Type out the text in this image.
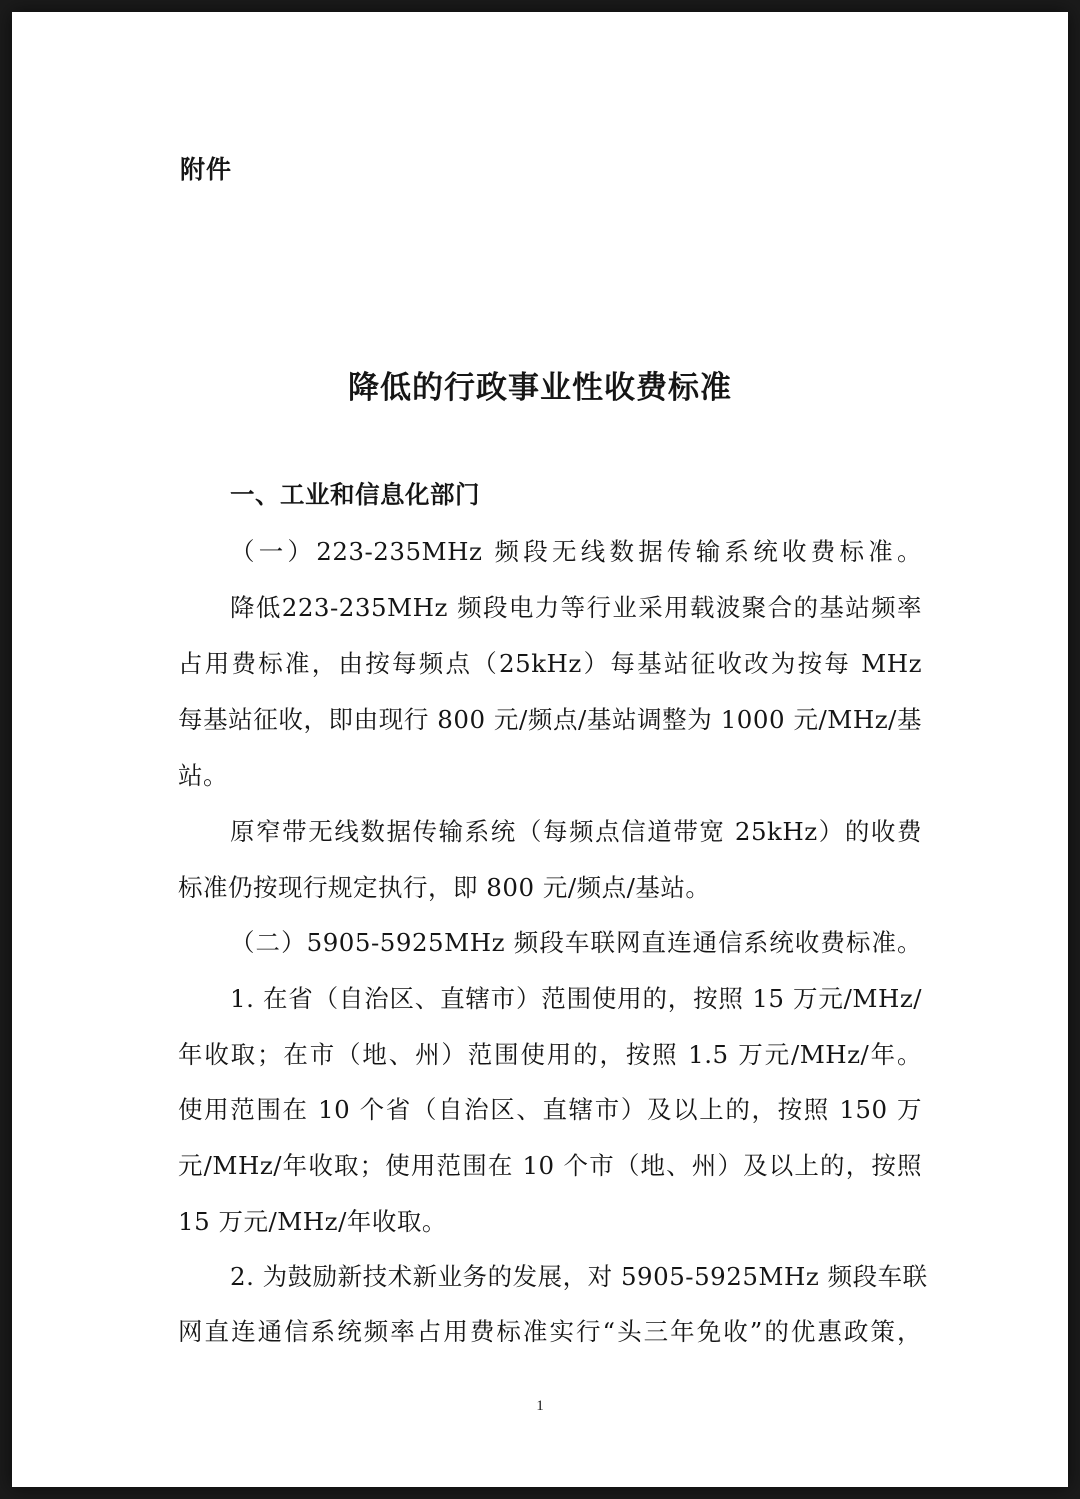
附件
降低的行政事业性收费标准
一、工业和信息化部门
（一）223-235MHz 频段无线数据传输系统收费标准。
降低223-235MHz 频段电力等行业采用载波聚合的基站频率
占用费标准，由按每频点（25kHz）每基站征收改为按每 MHz
每基站征收，即由现行 800 元/频点/基站调整为 1000 元/MHz/基
站。
原窄带无线数据传输系统（每频点信道带宽 25kHz）的收费
标准仍按现行规定执行，即 800 元/频点/基站。
（二）5905-5925MHz 频段车联网直连通信系统收费标准。
1. 在省（自治区、直辖市）范围使用的，按照 15 万元/MHz/
年收取；在市（地、州）范围使用的，按照 1.5 万元/MHz/年。
使用范围在 10 个省（自治区、直辖市）及以上的，按照 150 万
元/MHz/年收取；使用范围在 10 个市（地、州）及以上的，按照
15 万元/MHz/年收取。
2. 为鼓励新技术新业务的发展，对 5905-5925MHz 频段车联
网直连通信系统频率占用费标准实行“头三年免收”的优惠政策，
1
